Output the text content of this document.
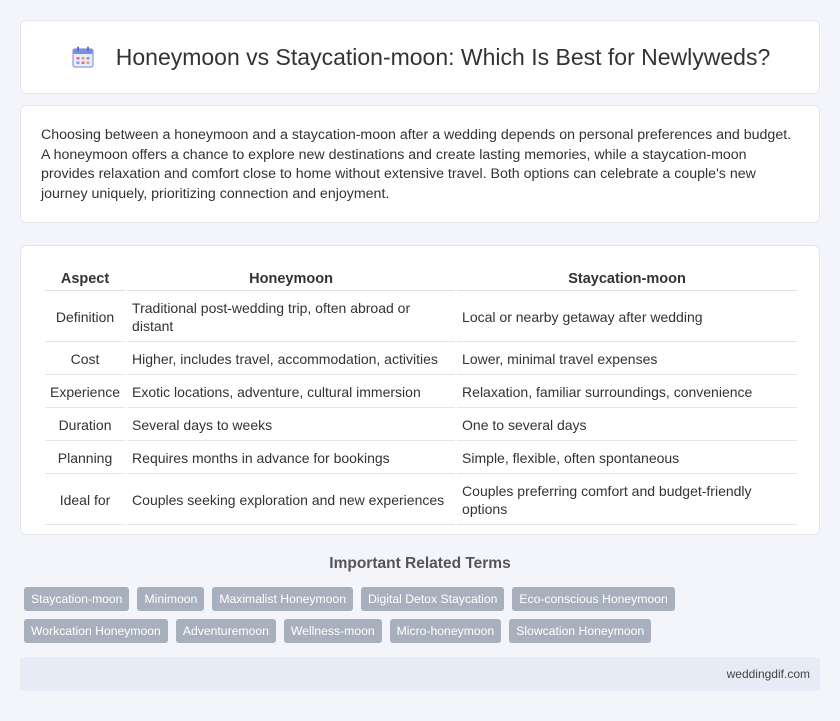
Honeymoon vs Staycation-moon: Which Is Best for Newlyweds?

Choosing between a honeymoon and a staycation-moon after a wedding depends on personal preferences and budget. A honeymoon offers a chance to explore new destinations and create lasting memories, while a staycation-moon provides relaxation and comfort close to home without extensive travel. Both options can celebrate a couple's new journey uniquely, prioritizing connection and enjoyment.

Aspect	Honeymoon	Staycation-moon
Definition	Traditional post-wedding trip, often abroad or distant	Local or nearby getaway after wedding
Cost	Higher, includes travel, accommodation, activities	Lower, minimal travel expenses
Experience	Exotic locations, adventure, cultural immersion	Relaxation, familiar surroundings, convenience
Duration	Several days to weeks	One to several days
Planning	Requires months in advance for bookings	Simple, flexible, often spontaneous
Ideal for	Couples seeking exploration and new experiences	Couples preferring comfort and budget-friendly options
Important Related Terms
Staycation-moon	Minimoon	Maximalist Honeymoon	Digital Detox Staycation	Eco-conscious Honeymoon
Workcation Honeymoon	Adventuremoon	Wellness-moon	Micro-honeymoon	Slowcation Honeymoon
weddingdif.com
